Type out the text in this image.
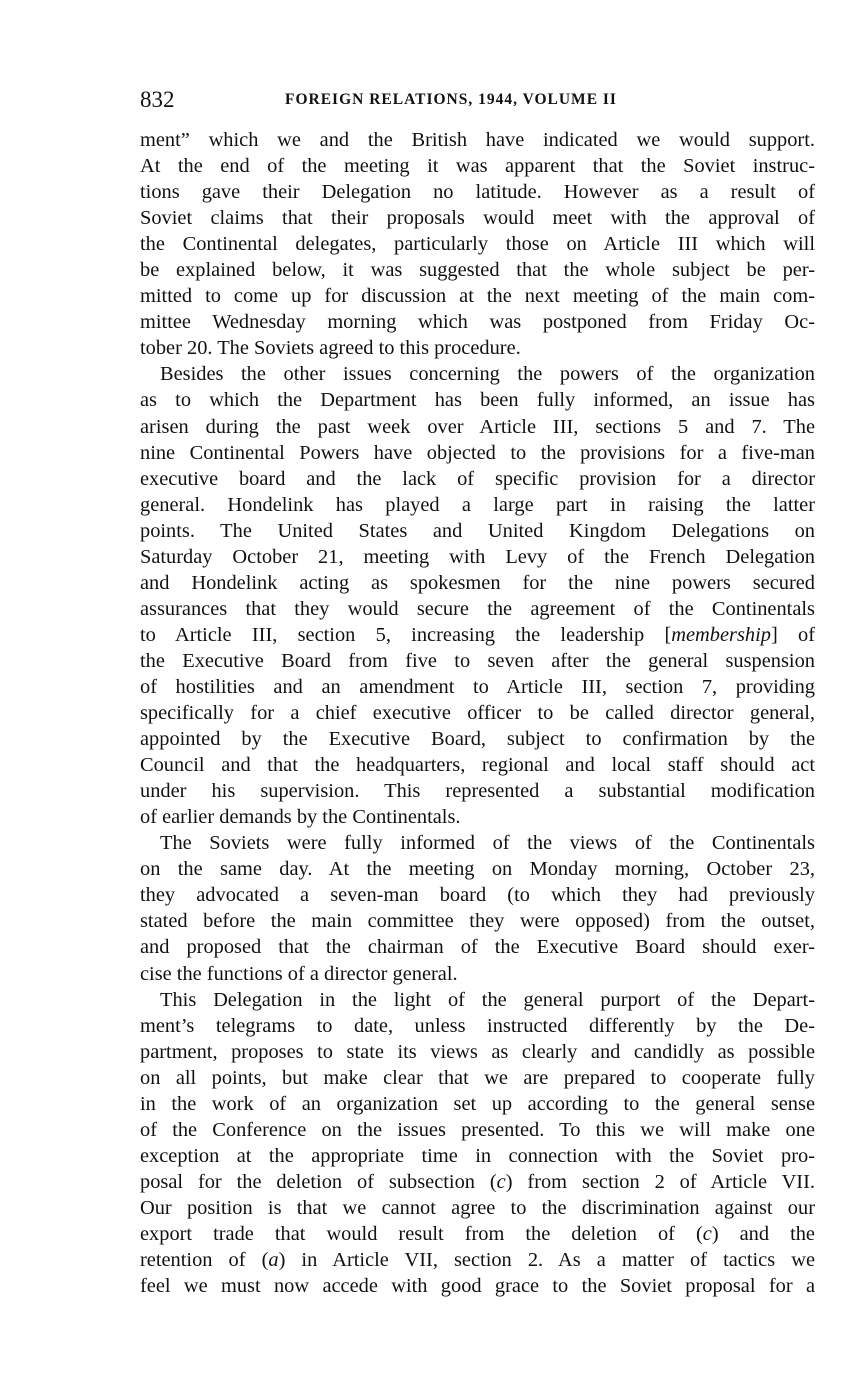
832	FOREIGN RELATIONS, 1944, VOLUME II
ment” which we and the British have indicated we would support.
At the end of the meeting it was apparent that the Soviet instruc-
tions gave their Delegation no latitude. However as a result of
Soviet claims that their proposals would meet with the approval of
the Continental delegates, particularly those on Article III which will
be explained below, it was suggested that the whole subject be per-
mitted to come up for discussion at the next meeting of the main com-
mittee Wednesday morning which was postponed from Friday Oc-
tober 20. The Soviets agreed to this procedure.
Besides the other issues concerning the powers of the organization
as to which the Department has been fully informed, an issue has
arisen during the past week over Article III, sections 5 and 7. The
nine Continental Powers have objected to the provisions for a five-man
executive board and the lack of specific provision for a director
general. Hondelink has played a large part in raising the latter
points. The United States and United Kingdom Delegations on
Saturday October 21, meeting with Levy of the French Delegation
and Hondelink acting as spokesmen for the nine powers secured
assurances that they would secure the agreement of the Continentals
to Article III, section 5, increasing the leadership [membership] of
the Executive Board from five to seven after the general suspension
of hostilities and an amendment to Article III, section 7, providing
specifically for a chief executive officer to be called director general,
appointed by the Executive Board, subject to confirmation by the
Council and that the headquarters, regional and local staff should act
under his supervision. This represented a substantial modification
of earlier demands by the Continentals.
The Soviets were fully informed of the views of the Continentals
on the same day. At the meeting on Monday morning, October 23,
they advocated a seven-man board (to which they had previously
stated before the main committee they were opposed) from the outset,
and proposed that the chairman of the Executive Board should exer-
cise the functions of a director general.
This Delegation in the light of the general purport of the Depart-
ment’s telegrams to date, unless instructed differently by the De-
partment, proposes to state its views as clearly and candidly as possible
on all points, but make clear that we are prepared to cooperate fully
in the work of an organization set up according to the general sense
of the Conference on the issues presented. To this we will make one
exception at the appropriate time in connection with the Soviet pro-
posal for the deletion of subsection (c) from section 2 of Article VII.
Our position is that we cannot agree to the discrimination against our
export trade that would result from the deletion of (c) and the
retention of (a) in Article VII, section 2. As a matter of tactics we
feel we must now accede with good grace to the Soviet proposal for a
